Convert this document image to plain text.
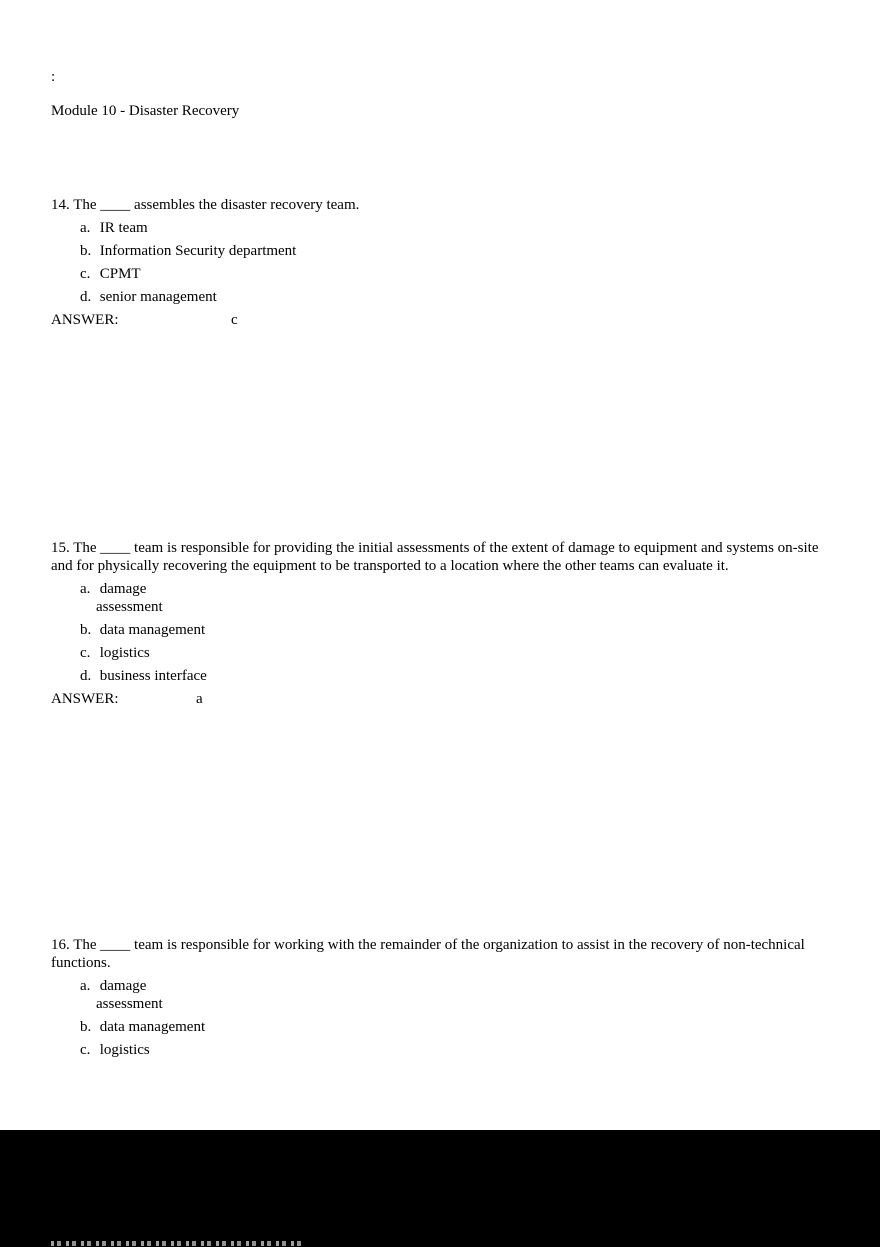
:
Module 10 - Disaster Recovery
14. The ____ assembles the disaster recovery team.
a. IR team
b. Information Security department
c. CPMT
d. senior management
ANSWER:	c
15. The ____ team is responsible for providing the initial assessments of the extent of damage to equipment and systems on-site and for physically recovering the equipment to be transported to a location where the other teams can evaluate it.
a. damage
assessment
b. data management
c. logistics
d. business interface
ANSWER:	a
16. The ____ team is responsible for working with the remainder of the organization to assist in the recovery of non-technical functions.
a. damage
assessment
b. data management
c. logistics
